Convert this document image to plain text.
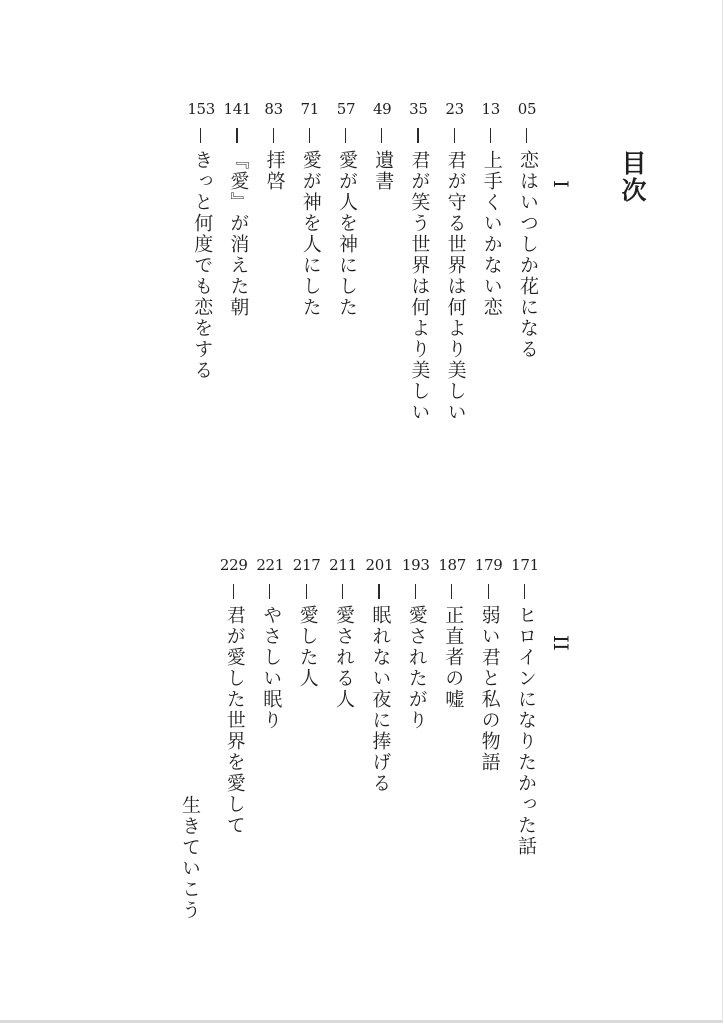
目次
I
II
05
恋はいつしか花になる
13
上手くいかない恋
23
君が守る世界は何より美しい
35
君が笑う世界は何より美しい
49
遺書
57
愛が人を神にした
71
愛が神を人にした
83
拝啓
141
『愛』が消えた朝
153
きっと何度でも恋をする
171
ヒロインになりたかった話
179
弱い君と私の物語
187
正直者の嘘
193
愛されたがり
201
眠れない夜に捧げる
211
愛される人
217
愛した人
221
やさしい眠り
229
君が愛した世界を愛して
生きていこう
